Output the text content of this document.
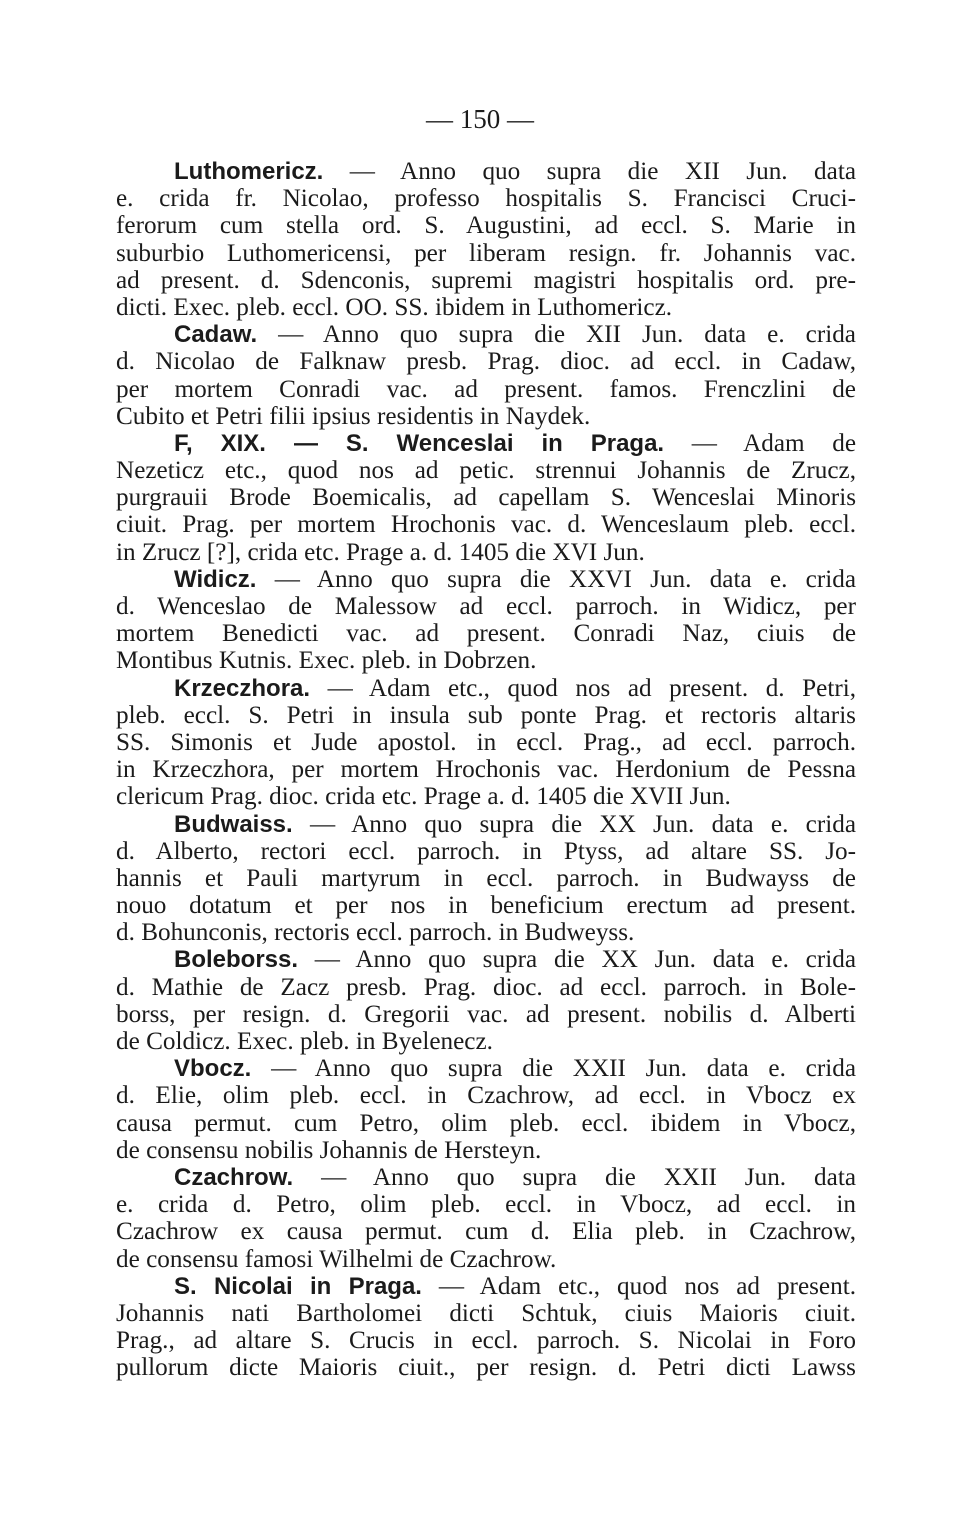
— 150 —
Luthomericz. — Anno quo supra die XII Jun. data
e. crida fr. Nicolao, professo hospitalis S. Francisci Cruci-
ferorum cum stella ord. S. Augustini, ad eccl. S. Marie in
suburbio Luthomericensi, per liberam resign. fr. Johannis vac.
ad present. d. Sdenconis, supremi magistri hospitalis ord. pre-
dicti. Exec. pleb. eccl. OO. SS. ibidem in Luthomericz.
Cadaw. — Anno quo supra die XII Jun. data e. crida
d. Nicolao de Falknaw presb. Prag. dioc. ad eccl. in Cadaw,
per mortem Conradi vac. ad present. famos. Frenczlini de
Cubito et Petri filii ipsius residentis in Naydek.
F, XIX. — S. Wenceslai in Praga. — Adam de
Nezeticz etc., quod nos ad petic. strennui Johannis de Zrucz,
purgrauii Brode Boemicalis, ad capellam S. Wenceslai Minoris
ciuit. Prag. per mortem Hrochonis vac. d. Wenceslaum pleb. eccl.
in Zrucz [?], crida etc. Prage a. d. 1405 die XVI Jun.
Widicz. — Anno quo supra die XXVI Jun. data e. crida
d. Wenceslao de Malessow ad eccl. parroch. in Widicz, per
mortem Benedicti vac. ad present. Conradi Naz, ciuis de
Montibus Kutnis. Exec. pleb. in Dobrzen.
Krzeczhora. — Adam etc., quod nos ad present. d. Petri,
pleb. eccl. S. Petri in insula sub ponte Prag. et rectoris altaris
SS. Simonis et Jude apostol. in eccl. Prag., ad eccl. parroch.
in Krzeczhora, per mortem Hrochonis vac. Herdonium de Pessna
clericum Prag. dioc. crida etc. Prage a. d. 1405 die XVII Jun.
Budwaiss. — Anno quo supra die XX Jun. data e. crida
d. Alberto, rectori eccl. parroch. in Ptyss, ad altare SS. Jo-
hannis et Pauli martyrum in eccl. parroch. in Budwayss de
nouo dotatum et per nos in beneficium erectum ad present.
d. Bohunconis, rectoris eccl. parroch. in Budweyss.
Boleborss. — Anno quo supra die XX Jun. data e. crida
d. Mathie de Zacz presb. Prag. dioc. ad eccl. parroch. in Bole-
borss, per resign. d. Gregorii vac. ad present. nobilis d. Alberti
de Coldicz. Exec. pleb. in Byelenecz.
Vbocz. — Anno quo supra die XXII Jun. data e. crida
d. Elie, olim pleb. eccl. in Czachrow, ad eccl. in Vbocz ex
causa permut. cum Petro, olim pleb. eccl. ibidem in Vbocz,
de consensu nobilis Johannis de Hersteyn.
Czachrow. — Anno quo supra die XXII Jun. data
e. crida d. Petro, olim pleb. eccl. in Vbocz, ad eccl. in
Czachrow ex causa permut. cum d. Elia pleb. in Czachrow,
de consensu famosi Wilhelmi de Czachrow.
S. Nicolai in Praga. — Adam etc., quod nos ad present.
Johannis nati Bartholomei dicti Schtuk, ciuis Maioris ciuit.
Prag., ad altare S. Crucis in eccl. parroch. S. Nicolai in Foro
pullorum dicte Maioris ciuit., per resign. d. Petri dicti Lawss
